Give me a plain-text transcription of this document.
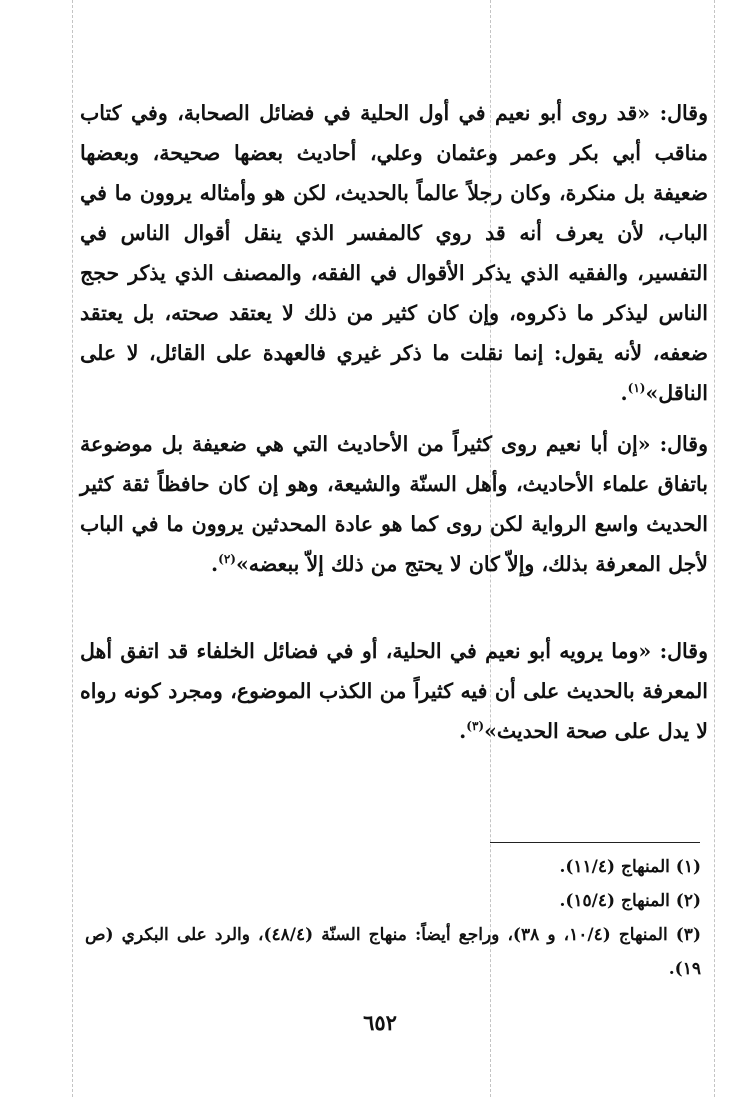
وقال: «قد روى أبو نعيم في أول الحلية في فضائل الصحابة، وفي كتاب مناقب أبي بكر وعمر وعثمان وعلي، أحاديث بعضها صحيحة، وبعضها ضعيفة بل منكرة، وكان رجلاً عالماً بالحديث، لكن هو وأمثاله يروون ما في الباب، لأن يعرف أنه قد روي كالمفسر الذي ينقل أقوال الناس في التفسير، والفقيه الذي يذكر الأقوال في الفقه، والمصنف الذي يذكر حجج الناس ليذكر ما ذكروه، وإن كان كثير من ذلك لا يعتقد صحته، بل يعتقد ضعفه، لأنه يقول: إنما نقلت ما ذكر غيري فالعهدة على القائل، لا على الناقل»$^{(١)}$.

وقال: «إن أبا نعيم روى كثيراً من الأحاديث التي هي ضعيفة بل موضوعة باتفاق علماء الأحاديث، وأهل السنّة والشيعة، وهو إن كان حافظاً ثقة كثير الحديث واسع الرواية لكن روى كما هو عادة المحدثين يروون ما في الباب لأجل المعرفة بذلك، وإلاّ كان لا يحتج من ذلك إلاّ ببعضه»$^{(٢)}$.

وقال: «وما يرويه أبو نعيم في الحلية، أو في فضائل الخلفاء قد اتفق أهل المعرفة بالحديث على أن فيه كثيراً من الكذب الموضوع، ومجرد كونه رواه لا يدل على صحة الحديث»$^{(٣)}$.

(١) المنهاج (١١/٤).

(٢) المنهاج (١٥/٤).

(٣) المنهاج (١٠/٤، و ٣٨)، وراجع أيضاً: منهاج السنّة (٤٨/٤)، والرد على البكري (ص ١٩).

٦٥٢
